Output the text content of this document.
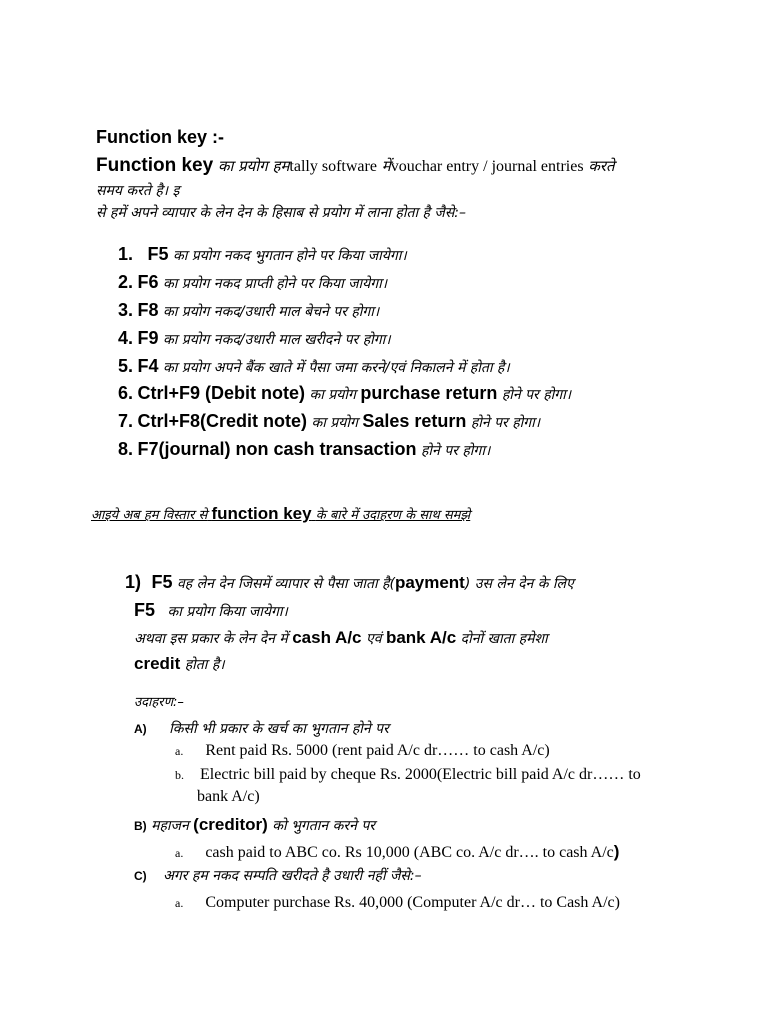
Function key :-
Function key का प्रयोग हमtally software मेंvouchar entry / journal entries करते
समय करते है। इ
से हमें अपने व्यापार के लेन देन के हिसाब से प्रयोग में लाना होता है जैसे:–
1. F5 का प्रयोग नकद भुगतान होने पर किया जायेगा।
2. F6 का प्रयोग नकद प्राप्ती होने पर किया जायेगा।
3. F8 का प्रयोग नकद/उधारी माल बेचने पर होगा।
4. F9 का प्रयोग नकद/उधारी माल खरीदने पर होगा।
5. F4 का प्रयोग अपने बैंक खाते में पैसा जमा करने/एवं निकालने में होता है।
6. Ctrl+F9 (Debit note) का प्रयोग purchase return होने पर होगा।
7. Ctrl+F8(Credit note) का प्रयोग Sales return होने पर होगा।
8. F7(journal) non cash transaction होने पर होगा।
आइये अब हम विस्तार से function key के बारे में उदाहरण के साथ समझे
1) F5 वह लेन देन जिसमें व्यापार से पैसा जाता है(payment) उस लेन देन के लिए
F5 का प्रयोग किया जायेगा।
अथवा इस प्रकार के लेन देन में cash A/c एवं bank A/c दोनों खाता हमेशा
credit होता है।
उदाहरण:–
A) किसी भी प्रकार के खर्च का भुगतान होने पर
a. Rent paid Rs. 5000 (rent paid A/c dr…… to cash A/c)
b. Electric bill paid by cheque Rs. 2000(Electric bill paid A/c dr…… to
bank A/c)
B) महाजन (creditor) को भुगतान करने पर
a. cash paid to ABC co. Rs 10,000 (ABC co. A/c dr…. to cash A/c)
C) अगर हम नकद सम्पति खरीदते है उधारी नहीं जैसे:–
a. Computer purchase Rs. 40,000 (Computer A/c dr… to Cash A/c)
